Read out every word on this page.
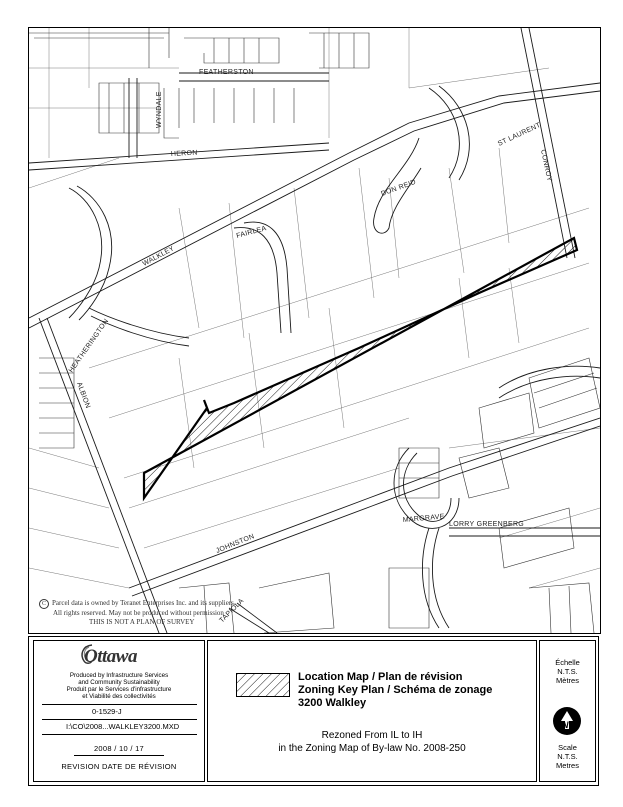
FEATHERSTON
WYNDALE
HERON
ST LAURENT
CONROY
DON REID
FAIRLEA
WALKLEY
HEATHERINGTON
ALBION
JOHNSTON
MARGRAVE
LORRY GREENBERG
TAPIOLA
C Parcel data is owned by Teranet Enterprises Inc. and its suppliers.
All rights reserved. May not be produced without permission
THIS IS NOT A PLAN OF SURVEY
Ottawa
Produced by Infrastructure Services
and Community Sustainability
Produit par le Services d'infrastructure
et Viabilité des collectivités
0-1529-J
I:\CO\2008...WALKLEY3200.MXD
2008 / 10 / 17
REVISION DATE DE RÉVISION
Location Map / Plan de révision
Zoning Key Plan / Schéma de zonage
3200 Walkley
Rezoned From IL to IH
in the Zoning Map of By-law No. 2008-250
Échelle
N.T.S.
Mètres
N
Scale
N.T.S.
Metres
